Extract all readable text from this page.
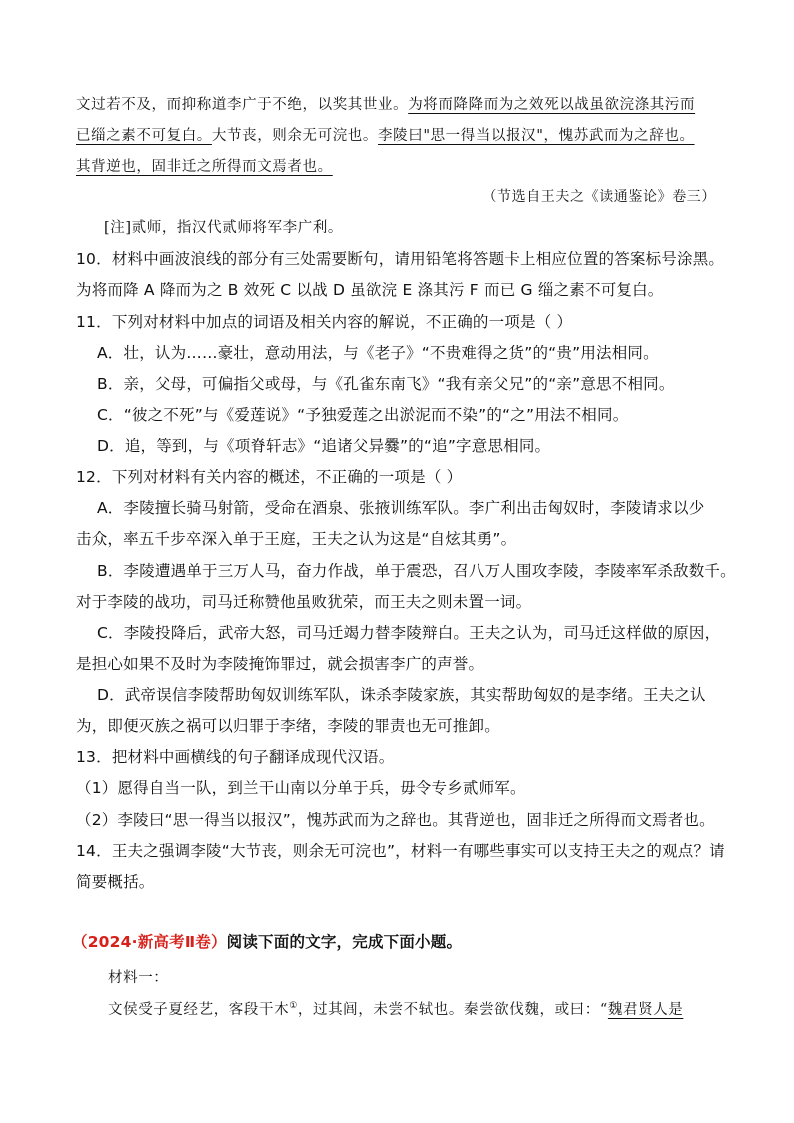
文过若不及，而抑称道李广于不绝，以奖其世业。为将而降降而为之效死以战虽欲浣涤其污而
已缁之素不可复白。大节丧，则余无可浣也。李陵曰"思一得当以报汉"，愧苏武而为之辞也。
其背逆也，固非迁之所得而文焉者也。
（节选自王夫之《读通鉴论》卷三）
[注]贰师，指汉代贰师将军李广利。
10．材料中画波浪线的部分有三处需要断句，请用铅笔将答题卡上相应位置的答案标号涂黑。
为将而降 A 降而为之 B 效死 C 以战 D 虽欲浣 E 涤其污 F 而已 G 缁之素不可复白。
11．下列对材料中加点的词语及相关内容的解说，不正确的一项是（ ）
A．壮，认为……豪壮，意动用法，与《老子》“不贵难得之货”的“贵”用法相同。
B．亲，父母，可偏指父或母，与《孔雀东南飞》“我有亲父兄”的“亲”意思不相同。
C．“彼之不死”与《爱莲说》“予独爱莲之出淤泥而不染”的“之”用法不相同。
D．追，等到，与《项脊轩志》“追诸父异爨”的“追”字意思相同。
12．下列对材料有关内容的概述，不正确的一项是（ ）
A．李陵擅长骑马射箭，受命在酒泉、张掖训练军队。李广利出击匈奴时，李陵请求以少
击众，率五千步卒深入单于王庭，王夫之认为这是“自炫其勇”。
B．李陵遭遇单于三万人马，奋力作战，单于震恐，召八万人围攻李陵，李陵率军杀敌数千。
对于李陵的战功，司马迁称赞他虽败犹荣，而王夫之则未置一词。
C．李陵投降后，武帝大怒，司马迁竭力替李陵辩白。王夫之认为，司马迁这样做的原因，
是担心如果不及时为李陵掩饰罪过，就会损害李广的声誉。
D．武帝误信李陵帮助匈奴训练军队，诛杀李陵家族，其实帮助匈奴的是李绪。王夫之认
为，即便灭族之祸可以归罪于李绪，李陵的罪责也无可推卸。
13．把材料中画横线的句子翻译成现代汉语。
（1）愿得自当一队，到兰干山南以分单于兵，毋令专乡贰师军。
（2）李陵曰“思一得当以报汉”，愧苏武而为之辞也。其背逆也，固非迁之所得而文焉者也。
14．王夫之强调李陵“大节丧，则余无可浣也”，材料一有哪些事实可以支持王夫之的观点？请
简要概括。
（2024·新高考Ⅱ卷）阅读下面的文字，完成下面小题。
材料一：
文侯受子夏经艺，客段干木①，过其闾，未尝不轼也。秦尝欲伐魏，或曰：“魏君贤人是
